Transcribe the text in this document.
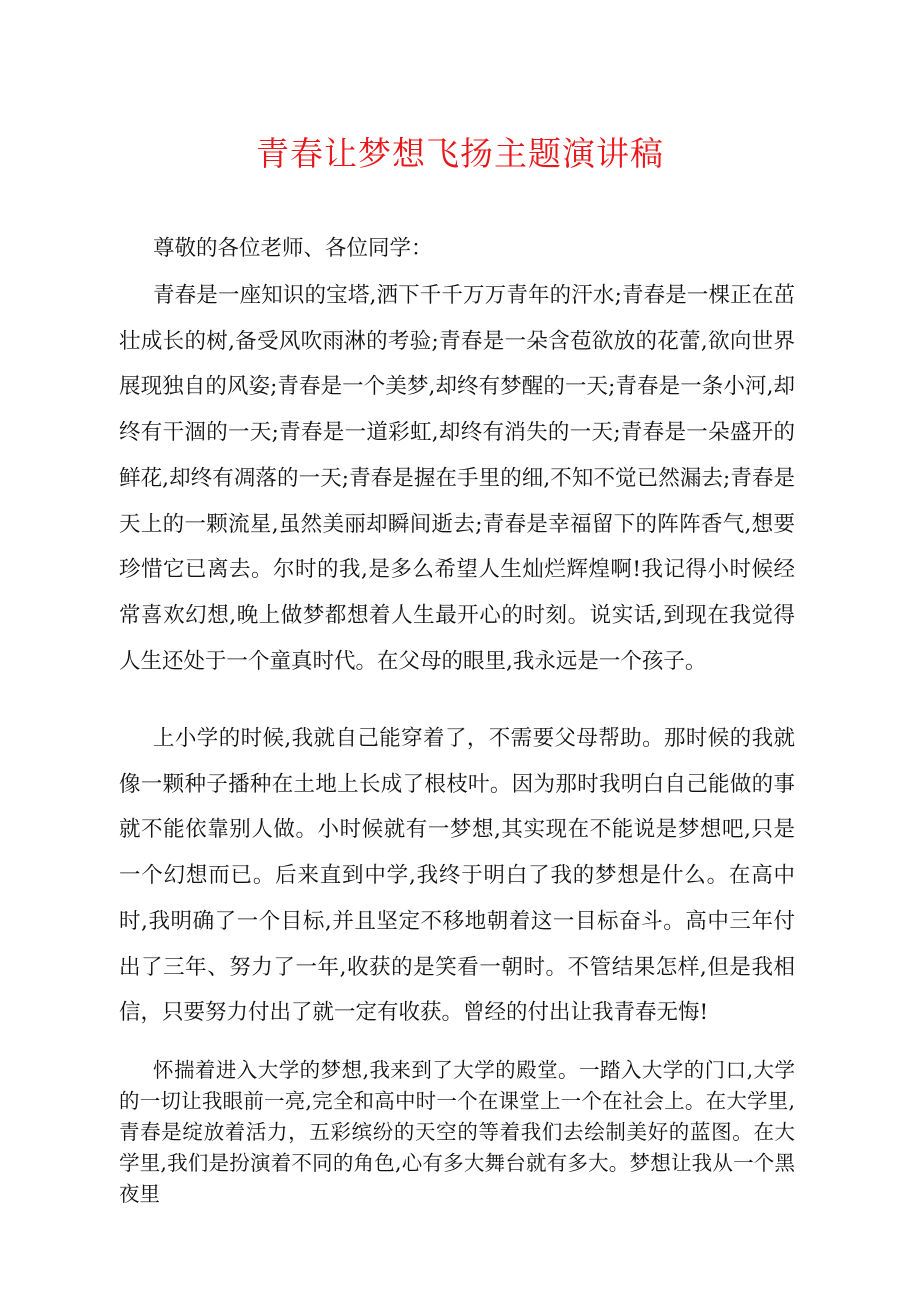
青春让梦想飞扬主题演讲稿

尊敬的各位老师、各位同学：

青春是一座知识的宝塔,洒下千千万万青年的汗水;青春是一棵正在茁壮成长的树,备受风吹雨淋的考验;青春是一朵含苞欲放的花蕾,欲向世界展现独自的风姿;青春是一个美梦,却终有梦醒的一天;青春是一条小河,却终有干涸的一天;青春是一道彩虹,却终有消失的一天;青春是一朵盛开的鲜花,却终有凋落的一天;青春是握在手里的细,不知不觉已然漏去;青春是天上的一颗流星,虽然美丽却瞬间逝去;青春是幸福留下的阵阵香气,想要珍惜它已离去。尔时的我,是多么希望人生灿烂辉煌啊!我记得小时候经常喜欢幻想,晚上做梦都想着人生最开心的时刻。说实话,到现在我觉得人生还处于一个童真时代。在父母的眼里,我永远是一个孩子。

上小学的时候,我就自己能穿着了，不需要父母帮助。那时候的我就像一颗种子播种在土地上长成了根枝叶。因为那时我明白自己能做的事就不能依靠别人做。小时候就有一梦想,其实现在不能说是梦想吧,只是一个幻想而已。后来直到中学,我终于明白了我的梦想是什么。在高中时,我明确了一个目标,并且坚定不移地朝着这一目标奋斗。高中三年付出了三年、努力了一年,收获的是笑看一朝时。不管结果怎样,但是我相信，只要努力付出了就一定有收获。曾经的付出让我青春无悔!

怀揣着进入大学的梦想,我来到了大学的殿堂。一踏入大学的门口,大学的一切让我眼前一亮,完全和高中时一个在课堂上一个在社会上。在大学里,青春是绽放着活力，五彩缤纷的天空的等着我们去绘制美好的蓝图。在大学里,我们是扮演着不同的角色,心有多大舞台就有多大。梦想让我从一个黑夜里
